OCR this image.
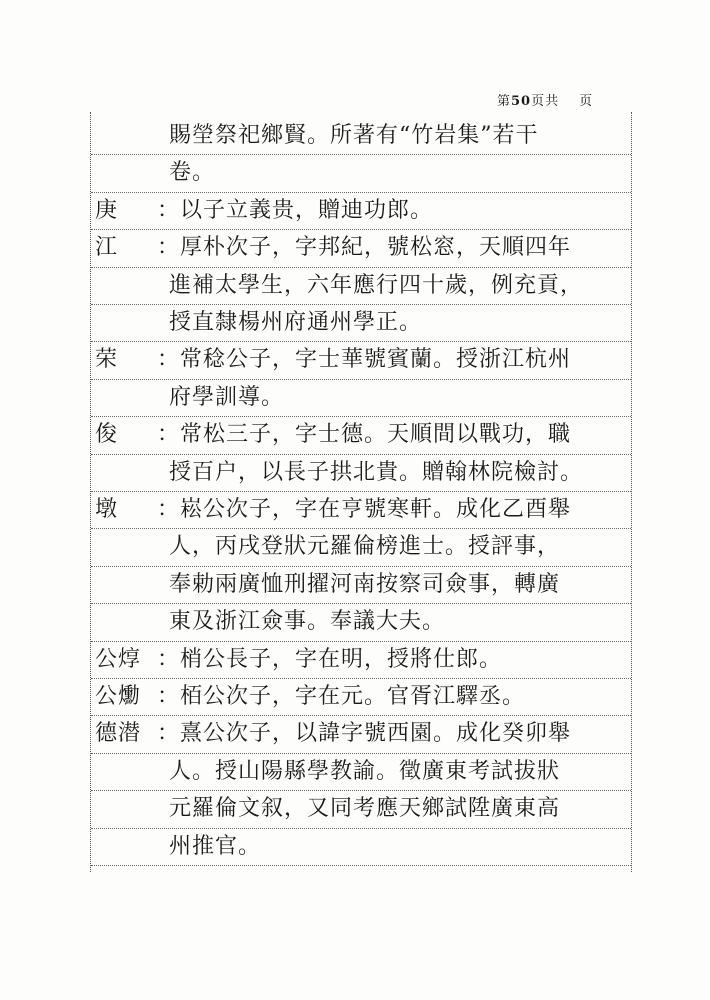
第50页共 页
賜塋祭祀鄉賢。所著有“竹岩集”若干
卷。
庚 ：以子立義贵，贈迪功郎。
江 ：厚朴次子，字邦紀，號松窓，天順四年
進補太學生，六年應行四十歲，例充貢，
授直隸楊州府通州學正。
荣 ：常稔公子，字士華號賓蘭。授浙江杭州
府學訓導。
俊 ：常松三子，字士德。天順間以戰功，職
授百户，以長子拱北貴。贈翰林院檢討。
墩 ：崧公次子，字在亨號寒軒。成化乙酉舉
人，丙戌登狀元羅倫榜進士。授評事，
奉勅兩廣恤刑擢河南按察司僉事，轉廣
東及浙江僉事。奉議大夫。
公焞 ：梢公長子，字在明，授將仕郎。
公爋 ：栢公次子，字在元。官胥江驛丞。
德潜 ：熹公次子，以諱字號西園。成化癸卯舉
人。授山陽縣學教諭。徵廣東考試拔狀
元羅倫文叙，又同考應天鄉試陞廣東高
州推官。
